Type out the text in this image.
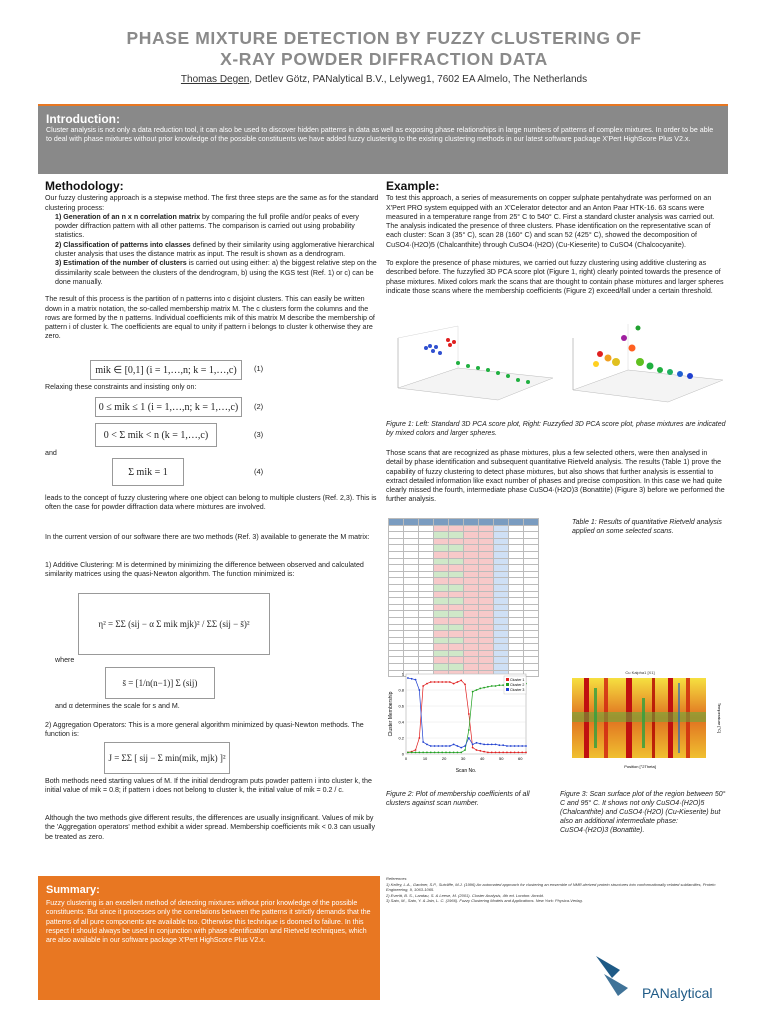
PHASE MIXTURE DETECTION BY FUZZY CLUSTERING OF
X-RAY POWDER DIFFRACTION DATA
Thomas Degen, Detlev Götz, PANalytical B.V., Lelyweg1, 7602 EA Almelo, The Netherlands
Introduction:

Cluster analysis is not only a data reduction tool, it can also be used to discover hidden patterns in data as well as exposing phase relationships in large numbers of patterns of complex mixtures. In order to be able to deal with phase mixtures without prior knowledge of the possible constituents we have added fuzzy clustering to the existing clustering methods in our latest software package X'Pert HighScore Plus V2.x.

Methodology:

Our fuzzy clustering approach is a stepwise method. The first three steps are the same as for the standard clustering process:

1) Generation of an n x n correlation matrix by comparing the full profile and/or peaks of every powder diffraction pattern with all other patterns. The comparison is carried out using probability statistics.

2) Classification of patterns into classes defined by their similarity using agglomerative hierarchical cluster analysis that uses the distance matrix as input. The result is shown as a dendrogram.

3) Estimation of the number of clusters is carried out using either: a) the biggest relative step on the dissimilarity scale between the clusters of the dendrogram, b) using the KGS test (Ref. 1) or c) can be done manually.

The result of this process is the partition of n patterns into c disjoint clusters. This can easily be written down in a matrix notation, the so-called membership matrix M. The c clusters form the columns and the rows are formed by the n patterns. Individual coefficients mik of this matrix M describe the membership of pattern i of cluster k. The coefficients are equal to unity if pattern i belongs to cluster k otherwise they are zero.

mik ∈ [0,1] (i = 1,…,n; k = 1,…,c)	(1)
Relaxing these constraints and insisting only on:
0 ≤ mik ≤ 1 (i = 1,…,n; k = 1,…,c)	(2)
0 < Σ mik < n (k = 1,…,c)	(3)
and
Σ mik = 1	(4)
leads to the concept of fuzzy clustering where one object can belong to multiple clusters (Ref. 2,3). This is often the case for powder diffraction data where mixtures are involved.
In the current version of our software there are two methods (Ref. 3) available to generate the M matrix:
1) Additive Clustering: M is determined by minimizing the difference between observed and calculated similarity matrices using the quasi-Newton algorithm. The function minimized is:
η² = ΣΣ (sij − α Σ mik mjk)² / ΣΣ (sij − s̄)²
where
s̄ = [1/n(n−1)] Σ (sij)
and α determines the scale for s and M.
2) Aggregation Operators: This is a more general algorithm minimized by quasi-Newton methods. The function is:
J = ΣΣ [ sij − Σ min(mik, mjk) ]²
Both methods need starting values of M. If the initial dendrogram puts powder pattern i into cluster k, the initial value of mik = 0.8; if pattern i does not belong to cluster k, the initial value of mik = 0.2 / c.
Although the two methods give different results, the differences are usually insignificant. Values of mik by the 'Aggregation operators' method exhibit a wider spread. Membership coefficients mik < 0.3 can usually be treated as zero.
Example:

To test this approach, a series of measurements on copper sulphate pentahydrate was performed on an X'Pert PRO system equipped with an X'Celerator detector and an Anton Paar HTK-16. 63 scans were measured in a temperature range from 25° C to 540° C. First a standard cluster analysis was carried out. The analysis indicated the presence of three clusters. Phase identification on the representative scan of each cluster: Scan 3 (35° C), scan 28 (160° C) and scan 52 (425° C), showed the decomposition of CuSO4·(H2O)5 (Chalcanthite) through CuSO4·(H2O) (Cu-Kieserite) to CuSO4 (Chalcocyanite).

To explore the presence of phase mixtures, we carried out fuzzy clustering using additive clustering as described before. The fuzzyfied 3D PCA score plot (Figure 1, right) clearly pointed towards the presence of phase mixtures. Mixed colors mark the scans that are thought to contain phase mixtures and larger spheres indicate those scans where the membership coefficients (Figure 2) exceed/fall under a certain threshold.

Figure 1: Left: Standard 3D PCA score plot, Right: Fuzzyfied 3D PCA score plot, phase mixtures are indicated by mixed colors and larger spheres.
Those scans that are recognized as phase mixtures, plus a few selected others, were then analysed in detail by phase identification and subsequent quantitative Rietveld analysis. The results (Table 1) prove the capability of fuzzy clustering to detect phase mixtures, but also shows that further analysis is essential to extract detailed information like exact number of phases and precise composition. In this case we had quite clearly missed the fourth, intermediate phase CuSO4·(H2O)3 (Bonattite) (Figure 3) before we performed the further analysis.

Table 1: Results of quantitative Rietveld analysis applied on some selected scans.
0
0.2
0.4
0.6
0.8
1
0	10	20	30	40	50	60
Scan No.
Cluster Membership
Cluster 1
Cluster 2
Cluster 3
Figure 2: Plot of membership coefficients of all clusters against scan number.
Cu Kalpha1 [X1]
Position [°2Theta]
Temperature [°C]
Figure 3: Scan surface plot of the region between 50° C and 95° C. It shows not only CuSO4·(H2O)5 (Chalcanthite) and CuSO4·(H2O) (Cu-Kieserite) but also an additional intermediate phase: CuSO4·(H2O)3 (Bonattite).
Summary:

Fuzzy clustering is an excellent method of detecting mixtures without prior knowledge of the possible constituents. But since it processes only the correlations between the patterns it strictly demands that the patterns of all pure components are available too. Otherwise this technique is doomed to failure. In this respect it should always be used in conjunction with phase identification and Rietveld techniques, which are also available in our software package X'Pert HighScore Plus V2.x.

References
1) Kelley, L.A., Gardner, S.P., Sutcliffe, M.J. (1996) An automated approach for clustering an ensemble of NMR-derived protein structures into conformationally related subfamilies, Protein Engineering, 9, 1063-1065.
2) Everitt, B. S., Landau, S. & Leese, M. (2001). Cluster Analysis, 4th ed. London: Arnold.
3) Sato, M., Sato, Y. & Jain, L. C. (1966). Fuzzy Clustering Models and Applications. New York: Physica-Verlag.
PANalytical
